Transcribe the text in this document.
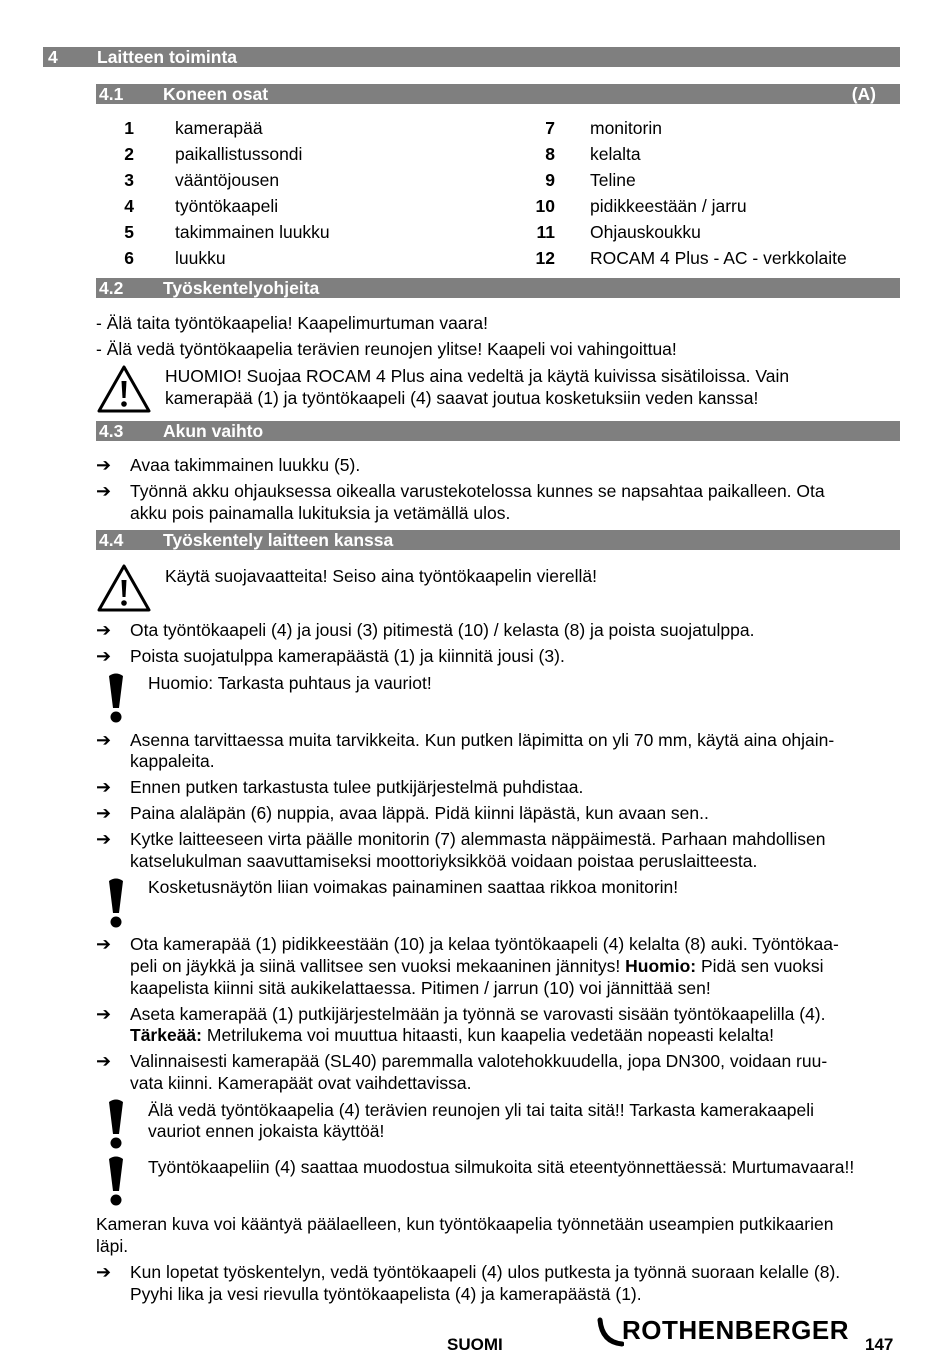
4 Laitteen toiminta
4.1 Koneen osat	(A)
1 kamerapää
2 paikallistussondi
3 vääntöjousen
4 työntökaapeli
5 takimmainen luukku
6 luukku
7 monitorin
8 kelalta
9 Teline
10 pidikkeestään / jarru
11 Ohjauskoukku
12 ROCAM 4 Plus - AC - verkkolaite
4.2 Työskentelyohjeita
- Älä taita työntökaapelia! Kaapelimurtuman vaara!
- Älä vedä työntökaapelia terävien reunojen ylitse! Kaapeli voi vahingoittua!
HUOMIO! Suojaa ROCAM 4 Plus aina vedeltä ja käytä kuivissa sisätiloissa. Vain
kamerapää (1) ja työntökaapeli (4) saavat joutua kosketuksiin veden kanssa!
4.3 Akun vaihto
➔ Avaa takimmainen luukku (5).
➔ Työnnä akku ohjauksessa oikealla varustekotelossa kunnes se napsahtaa paikalleen. Ota
akku pois painamalla lukituksia ja vetämällä ulos.
4.4 Työskentely laitteen kanssa
Käytä suojavaatteita! Seiso aina työntökaapelin vierellä!
➔ Ota työntökaapeli (4) ja jousi (3) pitimestä (10) / kelasta (8) ja poista suojatulppa.
➔ Poista suojatulppa kamerapäästä (1) ja kiinnitä jousi (3).
Huomio: Tarkasta puhtaus ja vauriot!
➔ Asenna tarvittaessa muita tarvikkeita. Kun putken läpimitta on yli 70 mm, käytä aina ohjain-
kappaleita.
➔ Ennen putken tarkastusta tulee putkijärjestelmä puhdistaa.
➔ Paina alaläpän (6) nuppia, avaa läppä. Pidä kiinni läpästä, kun avaan sen..
➔ Kytke laitteeseen virta päälle monitorin (7) alemmasta näppäimestä. Parhaan mahdollisen
katselukulman saavuttamiseksi moottoriyksikköä voidaan poistaa peruslaitteesta.
Kosketusnäytön liian voimakas painaminen saattaa rikkoa monitorin!
➔ Ota kamerapää (1) pidikkeestään (10) ja kelaa työntökaapeli (4) kelalta (8) auki. Työntökaa-
peli on jäykkä ja siinä vallitsee sen vuoksi mekaaninen jännitys! Huomio: Pidä sen vuoksi
kaapelista kiinni sitä aukikelattaessa. Pitimen / jarrun (10) voi jännittää sen!
➔ Aseta kamerapää (1) putkijärjestelmään ja työnnä se varovasti sisään työntökaapelilla (4).
Tärkeää: Metrilukema voi muuttua hitaasti, kun kaapelia vedetään nopeasti kelalta!
➔ Valinnaisesti kamerapää (SL40) paremmalla valotehokkuudella, jopa DN300, voidaan ruu-
vata kiinni. Kamerapäät ovat vaihdettavissa.
Älä vedä työntökaapelia (4) terävien reunojen yli tai taita sitä!! Tarkasta kamerakaapeli
vauriot ennen jokaista käyttöä!
Työntökaapeliin (4) saattaa muodostua silmukoita sitä eteentyönnettäessä: Murtumavaara!!
Kameran kuva voi kääntyä päälaelleen, kun työntökaapelia työnnetään useampien putkikaarien
läpi.
➔ Kun lopetat työskentelyn, vedä työntökaapeli (4) ulos putkesta ja työnnä suoraan kelalle (8).
Pyyhi lika ja vesi rievulla työntökaapelista (4) ja kamerapäästä (1).
SUOMI	ROTHENBERGER 147
